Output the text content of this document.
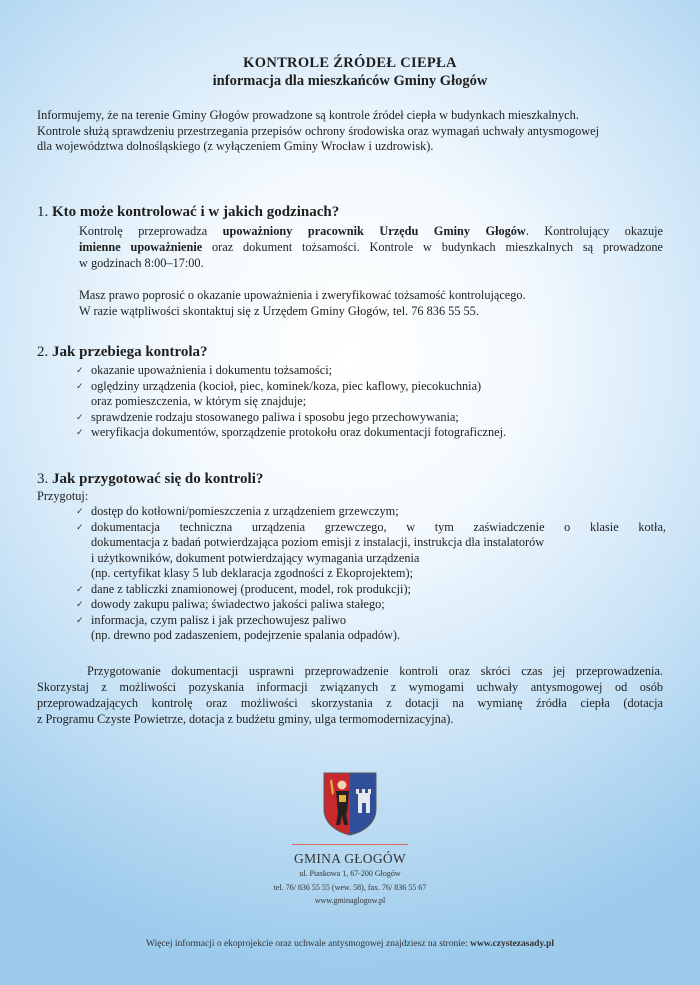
KONTROLE ŹRÓDEŁ CIEPŁA
informacja dla mieszkańców Gminy Głogów
Informujemy, że na terenie Gminy Głogów prowadzone są kontrole źródeł ciepła w budynkach mieszkalnych.
Kontrole służą sprawdzeniu przestrzegania przepisów ochrony środowiska oraz wymagań uchwały antysmogowej
dla województwa dolnośląskiego (z wyłączeniem Gminy Wrocław i uzdrowisk).
1. Kto może kontrolować i w jakich godzinach?
Kontrolę przeprowadza upoważniony pracownik Urzędu Gminy Głogów. Kontrolujący okazuje
imienne upoważnienie oraz dokument tożsamości. Kontrole w budynkach mieszkalnych są prowadzone
w godzinach 8:00–17:00.
Masz prawo poprosić o okazanie upoważnienia i zweryfikować tożsamość kontrolującego.
W razie wątpliwości skontaktuj się z Urzędem Gminy Głogów, tel. 76 836 55 55.
2. Jak przebiega kontrola?
✓ okazanie upoważnienia i dokumentu tożsamości;
✓ oględziny urządzenia (kocioł, piec, kominek/koza, piec kaflowy, piecokuchnia)
oraz pomieszczenia, w którym się znajduje;
✓ sprawdzenie rodzaju stosowanego paliwa i sposobu jego przechowywania;
✓ weryfikacja dokumentów, sporządzenie protokołu oraz dokumentacji fotograficznej.
3. Jak przygotować się do kontroli?
Przygotuj:
✓ dostęp do kotłowni/pomieszczenia z urządzeniem grzewczym;
✓ dokumentacja techniczna urządzenia grzewczego, w tym zaświadczenie o klasie kotła,
dokumentacja z badań potwierdzająca poziom emisji z instalacji, instrukcja dla instalatorów
i użytkowników, dokument potwierdzający wymagania urządzenia
(np. certyfikat klasy 5 lub deklaracja zgodności z Ekoprojektem);
✓ dane z tabliczki znamionowej (producent, model, rok produkcji);
✓ dowody zakupu paliwa; świadectwo jakości paliwa stałego;
✓ informacja, czym palisz i jak przechowujesz paliwo
(np. drewno pod zadaszeniem, podejrzenie spalania odpadów).
Przygotowanie dokumentacji usprawni przeprowadzenie kontroli oraz skróci czas jej przeprowadzenia.
Skorzystaj z możliwości pozyskania informacji związanych z wymogami uchwały antysmogowej od osób
przeprowadzających kontrolę oraz możliwości skorzystania z dotacji na wymianę źródła ciepła (dotacja
z Programu Czyste Powietrze, dotacja z budżetu gminy, ulga termomodernizacyjna).
GMINA GŁOGÓW
ul. Piaskowa 1, 67-200 Głogów
tel. 76/ 836 55 55 (wew. 58), fax. 76/ 836 55 67
www.gminaglogow.pl
Więcej informacji o ekoprojekcie oraz uchwale antysmogowej znajdziesz na stronie: www.czystezasady.pl
